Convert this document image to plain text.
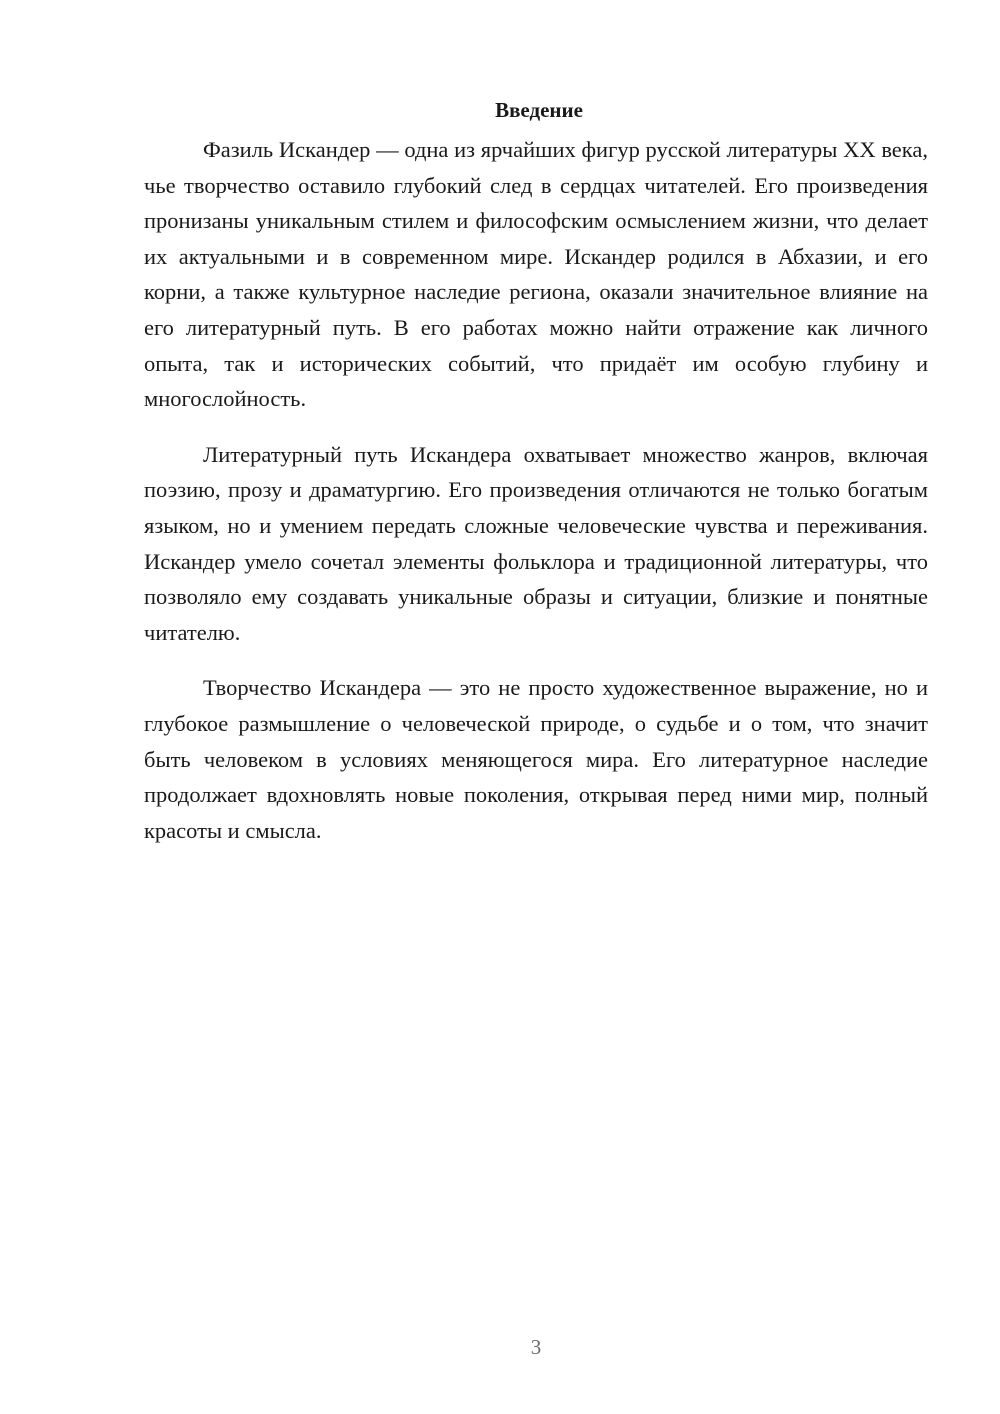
Введение

Фазиль Искандер — одна из ярчайших фигур русской литературы XX века, чье творчество оставило глубокий след в сердцах читателей. Его произведения пронизаны уникальным стилем и философским осмыслением жизни, что делает их актуальными и в современном мире. Искандер родился в Абхазии, и его корни, а также культурное наследие региона, оказали значительное влияние на его литературный путь. В его работах можно найти отражение как личного опыта, так и исторических событий, что придаёт им особую глубину и многослойность.

Литературный путь Искандера охватывает множество жанров, включая поэзию, прозу и драматургию. Его произведения отличаются не только богатым языком, но и умением передать сложные человеческие чувства и переживания. Искандер умело сочетал элементы фольклора и традиционной литературы, что позволяло ему создавать уникальные образы и ситуации, близкие и понятные читателю.

Творчество Искандера — это не просто художественное выражение, но и глубокое размышление о человеческой природе, о судьбе и о том, что значит быть человеком в условиях меняющегося мира. Его литературное наследие продолжает вдохновлять новые поколения, открывая перед ними мир, полный красоты и смысла.

3
